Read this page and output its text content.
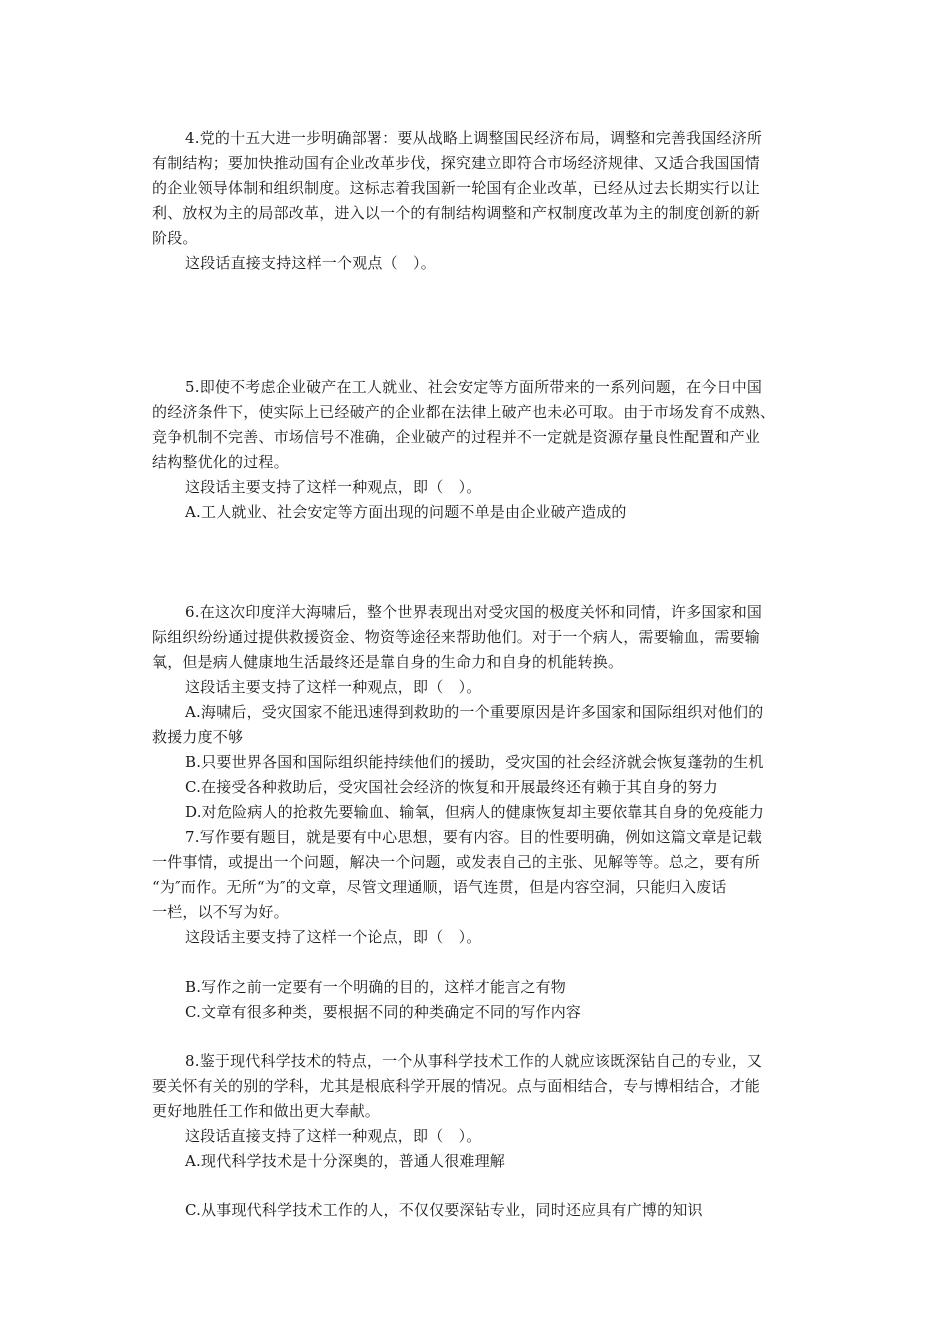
4.党的十五大进一步明确部署：要从战略上调整国民经济布局，调整和完善我国经济所
有制结构；要加快推动国有企业改革步伐，探究建立即符合市场经济规律、又适合我国国情
的企业领导体制和组织制度。这标志着我国新一轮国有企业改革，已经从过去长期实行以让
利、放权为主的局部改革，进入以一个的有制结构调整和产权制度改革为主的制度创新的新
阶段。
这段话直接支持这样一个观点（　）。
5.即使不考虑企业破产在工人就业、社会安定等方面所带来的一系列问题，在今日中国
的经济条件下，使实际上已经破产的企业都在法律上破产也未必可取。由于市场发育不成熟、
竞争机制不完善、市场信号不准确，企业破产的过程并不一定就是资源存量良性配置和产业
结构整优化的过程。
这段话主要支持了这样一种观点，即（　）。
A.工人就业、社会安定等方面出现的问题不单是由企业破产造成的
6.在这次印度洋大海啸后，整个世界表现出对受灾国的极度关怀和同情，许多国家和国
际组织纷纷通过提供救援资金、物资等途径来帮助他们。对于一个病人，需要输血，需要输
氧，但是病人健康地生活最终还是靠自身的生命力和自身的机能转换。
这段话主要支持了这样一种观点，即（　）。
A.海啸后，受灾国家不能迅速得到救助的一个重要原因是许多国家和国际组织对他们的
救援力度不够
B.只要世界各国和国际组织能持续他们的援助，受灾国的社会经济就会恢复蓬勃的生机
C.在接受各种救助后，受灾国社会经济的恢复和开展最终还有赖于其自身的努力
D.对危险病人的抢救先要输血、输氧，但病人的健康恢复却主要依靠其自身的免疫能力
7.写作要有题目，就是要有中心思想，要有内容。目的性要明确，例如这篇文章是记载
一件事情，或提出一个问题，解决一个问题，或发表自己的主张、见解等等。总之，要有所
“为″而作。无所“为″的文章，尽管文理通顺，语气连贯，但是内容空洞，只能归入废话
一栏，以不写为好。
这段话主要支持了这样一个论点，即（　）。
B.写作之前一定要有一个明确的目的，这样才能言之有物
C.文章有很多种类，要根据不同的种类确定不同的写作内容
8.鉴于现代科学技术的特点，一个从事科学技术工作的人就应该既深钻自己的专业，又
要关怀有关的别的学科，尤其是根底科学开展的情况。点与面相结合，专与博相结合，才能
更好地胜任工作和做出更大奉献。
这段话直接支持了这样一种观点，即（　）。
A.现代科学技术是十分深奥的，普通人很难理解
C.从事现代科学技术工作的人，不仅仅要深钻专业，同时还应具有广博的知识
